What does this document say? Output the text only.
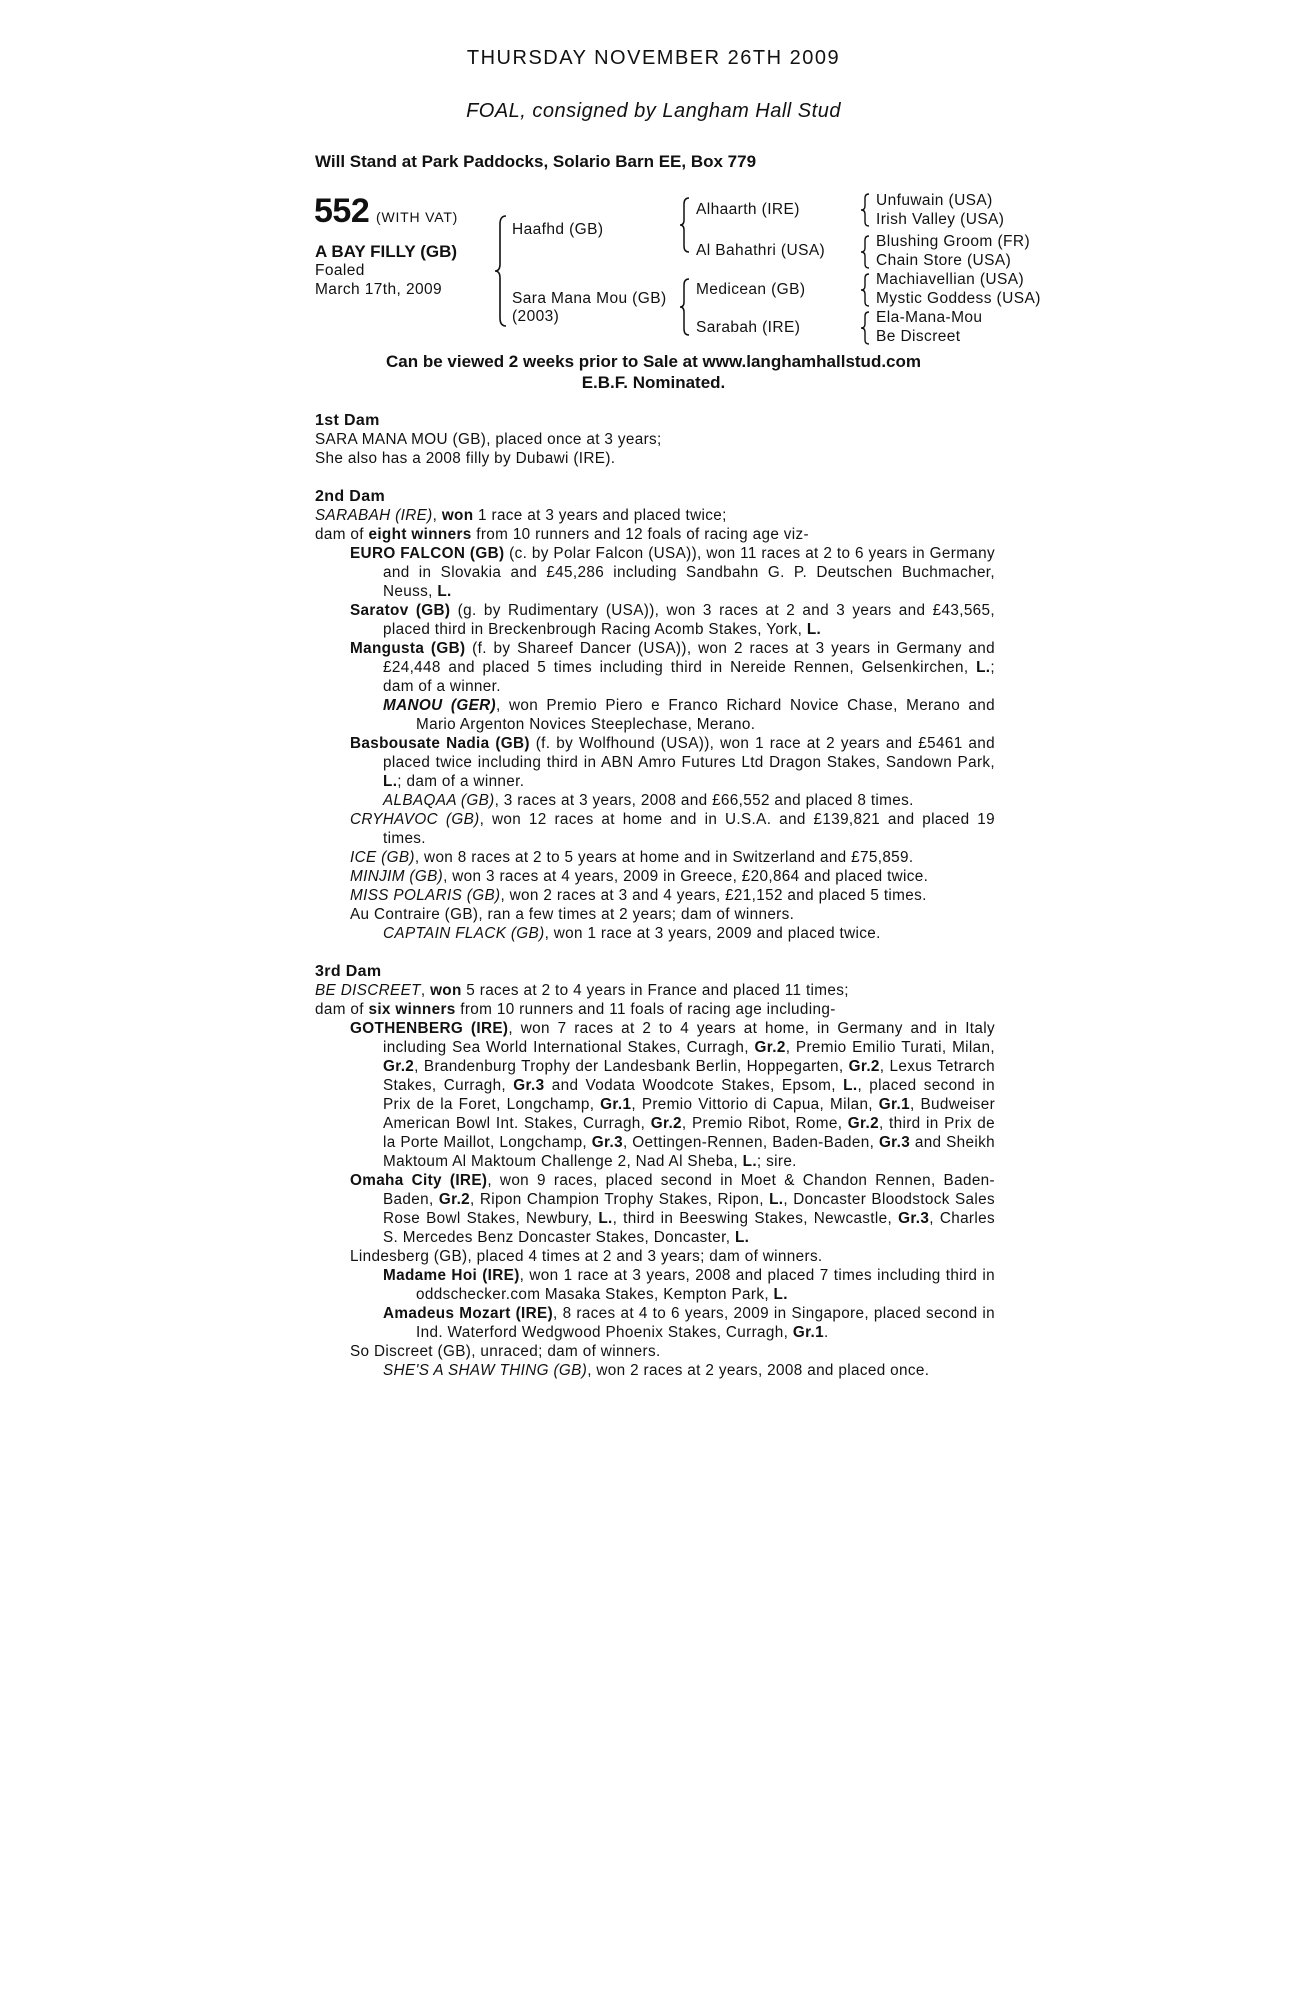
THURSDAY NOVEMBER 26TH 2009
FOAL, consigned by Langham Hall Stud
Will Stand at Park Paddocks, Solario Barn EE, Box 779
552 (WITH VAT)
A BAY FILLY (GB)
Foaled
March 17th, 2009
Haafhd (GB)
Sara Mana Mou (GB)
(2003)
Alhaarth (IRE)
Al Bahathri (USA)
Medicean (GB)
Sarabah (IRE)
Unfuwain (USA)
Irish Valley (USA)
Blushing Groom (FR)
Chain Store (USA)
Machiavellian (USA)
Mystic Goddess (USA)
Ela-Mana-Mou
Be Discreet
Can be viewed 2 weeks prior to Sale at www.langhamhallstud.com
E.B.F. Nominated.
1st Dam
SARA MANA MOU (GB), placed once at 3 years;
She also has a 2008 filly by Dubawi (IRE).
2nd Dam
SARABAH (IRE), won 1 race at 3 years and placed twice;
dam of eight winners from 10 runners and 12 foals of racing age viz-
EURO FALCON (GB) (c. by Polar Falcon (USA)), won 11 races at 2 to 6 years in Germany and in Slovakia and £45,286 including Sandbahn G. P. Deutschen Buchmacher, Neuss, L.
Saratov (GB) (g. by Rudimentary (USA)), won 3 races at 2 and 3 years and £43,565, placed third in Breckenbrough Racing Acomb Stakes, York, L.
Mangusta (GB) (f. by Shareef Dancer (USA)), won 2 races at 3 years in Germany and £24,448 and placed 5 times including third in Nereide Rennen, Gelsenkirchen, L.; dam of a winner.
MANOU (GER), won Premio Piero e Franco Richard Novice Chase, Merano and Mario Argenton Novices Steeplechase, Merano.
Basbousate Nadia (GB) (f. by Wolfhound (USA)), won 1 race at 2 years and £5461 and placed twice including third in ABN Amro Futures Ltd Dragon Stakes, Sandown Park, L.; dam of a winner.
ALBAQAA (GB), 3 races at 3 years, 2008 and £66,552 and placed 8 times.
CRYHAVOC (GB), won 12 races at home and in U.S.A. and £139,821 and placed 19 times.
ICE (GB), won 8 races at 2 to 5 years at home and in Switzerland and £75,859.
MINJIM (GB), won 3 races at 4 years, 2009 in Greece, £20,864 and placed twice.
MISS POLARIS (GB), won 2 races at 3 and 4 years, £21,152 and placed 5 times.
Au Contraire (GB), ran a few times at 2 years; dam of winners.
CAPTAIN FLACK (GB), won 1 race at 3 years, 2009 and placed twice.
3rd Dam
BE DISCREET, won 5 races at 2 to 4 years in France and placed 11 times;
dam of six winners from 10 runners and 11 foals of racing age including-
GOTHENBERG (IRE), won 7 races at 2 to 4 years at home, in Germany and in Italy including Sea World International Stakes, Curragh, Gr.2, Premio Emilio Turati, Milan, Gr.2, Brandenburg Trophy der Landesbank Berlin, Hoppegarten, Gr.2, Lexus Tetrarch Stakes, Curragh, Gr.3 and Vodata Woodcote Stakes, Epsom, L., placed second in Prix de la Foret, Longchamp, Gr.1, Premio Vittorio di Capua, Milan, Gr.1, Budweiser American Bowl Int. Stakes, Curragh, Gr.2, Premio Ribot, Rome, Gr.2, third in Prix de la Porte Maillot, Longchamp, Gr.3, Oettingen-Rennen, Baden-Baden, Gr.3 and Sheikh Maktoum Al Maktoum Challenge 2, Nad Al Sheba, L.; sire.
Omaha City (IRE), won 9 races, placed second in Moet & Chandon Rennen, Baden-Baden, Gr.2, Ripon Champion Trophy Stakes, Ripon, L., Doncaster Bloodstock Sales Rose Bowl Stakes, Newbury, L., third in Beeswing Stakes, Newcastle, Gr.3, Charles S. Mercedes Benz Doncaster Stakes, Doncaster, L.
Lindesberg (GB), placed 4 times at 2 and 3 years; dam of winners.
Madame Hoi (IRE), won 1 race at 3 years, 2008 and placed 7 times including third in oddschecker.com Masaka Stakes, Kempton Park, L.
Amadeus Mozart (IRE), 8 races at 4 to 6 years, 2009 in Singapore, placed second in Ind. Waterford Wedgwood Phoenix Stakes, Curragh, Gr.1.
So Discreet (GB), unraced; dam of winners.
SHE'S A SHAW THING (GB), won 2 races at 2 years, 2008 and placed once.
